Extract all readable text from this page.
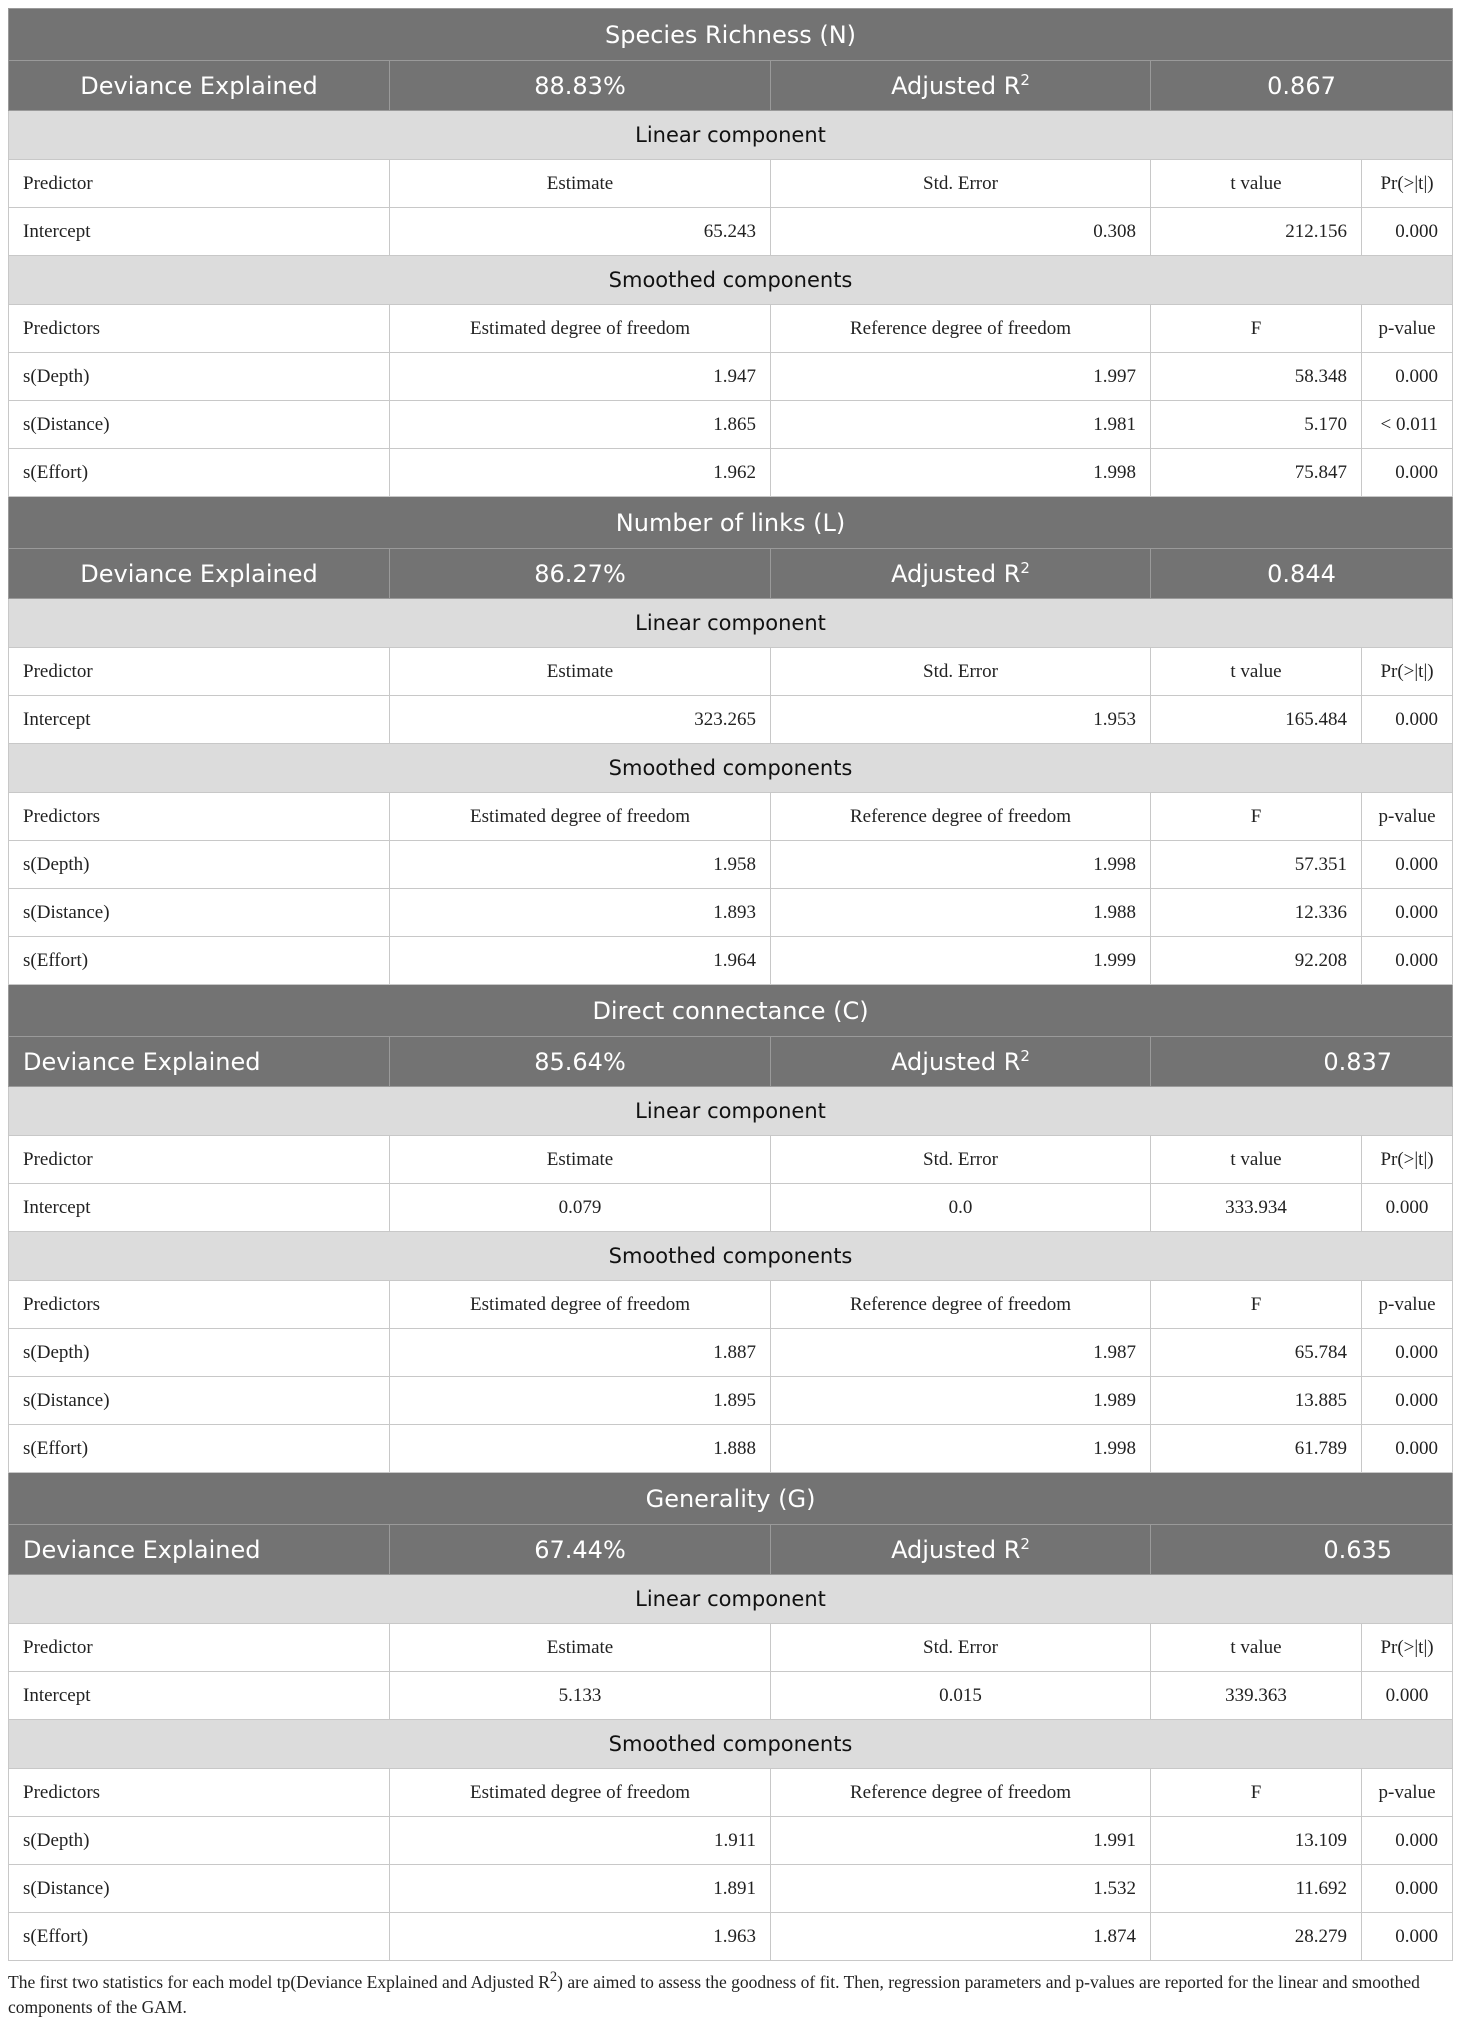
Species Richness (N)				
Deviance Explained	88.83%	Adjusted $R^2$	0.867	
Linear component				
Predictor	Estimate	Std. Error	t value	Pr(>|t|)
Intercept	65.243	0.308	212.156	0.000
Smoothed components				
Predictors	Estimated degree of freedom	Reference degree of freedom	F	p-value
s(Depth)	1.947	1.997	58.348	0.000
s(Distance)	1.865	1.981	5.170	< 0.011
s(Effort)	1.962	1.998	75.847	0.000
Number of links (L)				
Deviance Explained	86.27%	Adjusted $R^2$	0.844	
Linear component				
Predictor	Estimate	Std. Error	t value	Pr(>|t|)
Intercept	323.265	1.953	165.484	0.000
Smoothed components				
Predictors	Estimated degree of freedom	Reference degree of freedom	F	p-value
s(Depth)	1.958	1.998	57.351	0.000
s(Distance)	1.893	1.988	12.336	0.000
s(Effort)	1.964	1.999	92.208	0.000
Direct connectance (C)				
Deviance Explained	85.64%	Adjusted $R^2$	0.837	
Linear component				
Predictor	Estimate	Std. Error	t value	Pr(>|t|)
Intercept	0.079	0.0	333.934	0.000
Smoothed components				
Predictors	Estimated degree of freedom	Reference degree of freedom	F	p-value
s(Depth)	1.887	1.987	65.784	0.000
s(Distance)	1.895	1.989	13.885	0.000
s(Effort)	1.888	1.998	61.789	0.000
Generality (G)				
Deviance Explained	67.44%	Adjusted $R^2$	0.635	
Linear component				
Predictor	Estimate	Std. Error	t value	Pr(>|t|)
Intercept	5.133	0.015	339.363	0.000
Smoothed components				
Predictors	Estimated degree of freedom	Reference degree of freedom	F	p-value
s(Depth)	1.911	1.991	13.109	0.000
s(Distance)	1.891	1.532	11.692	0.000
s(Effort)	1.963	1.874	28.279	0.000
The first two statistics for each model tp(Deviance Explained and Adjusted $R^2$) are aimed to assess the goodness of fit. Then, regression parameters and p-values are reported for the linear and smoothed components of the GAM.
